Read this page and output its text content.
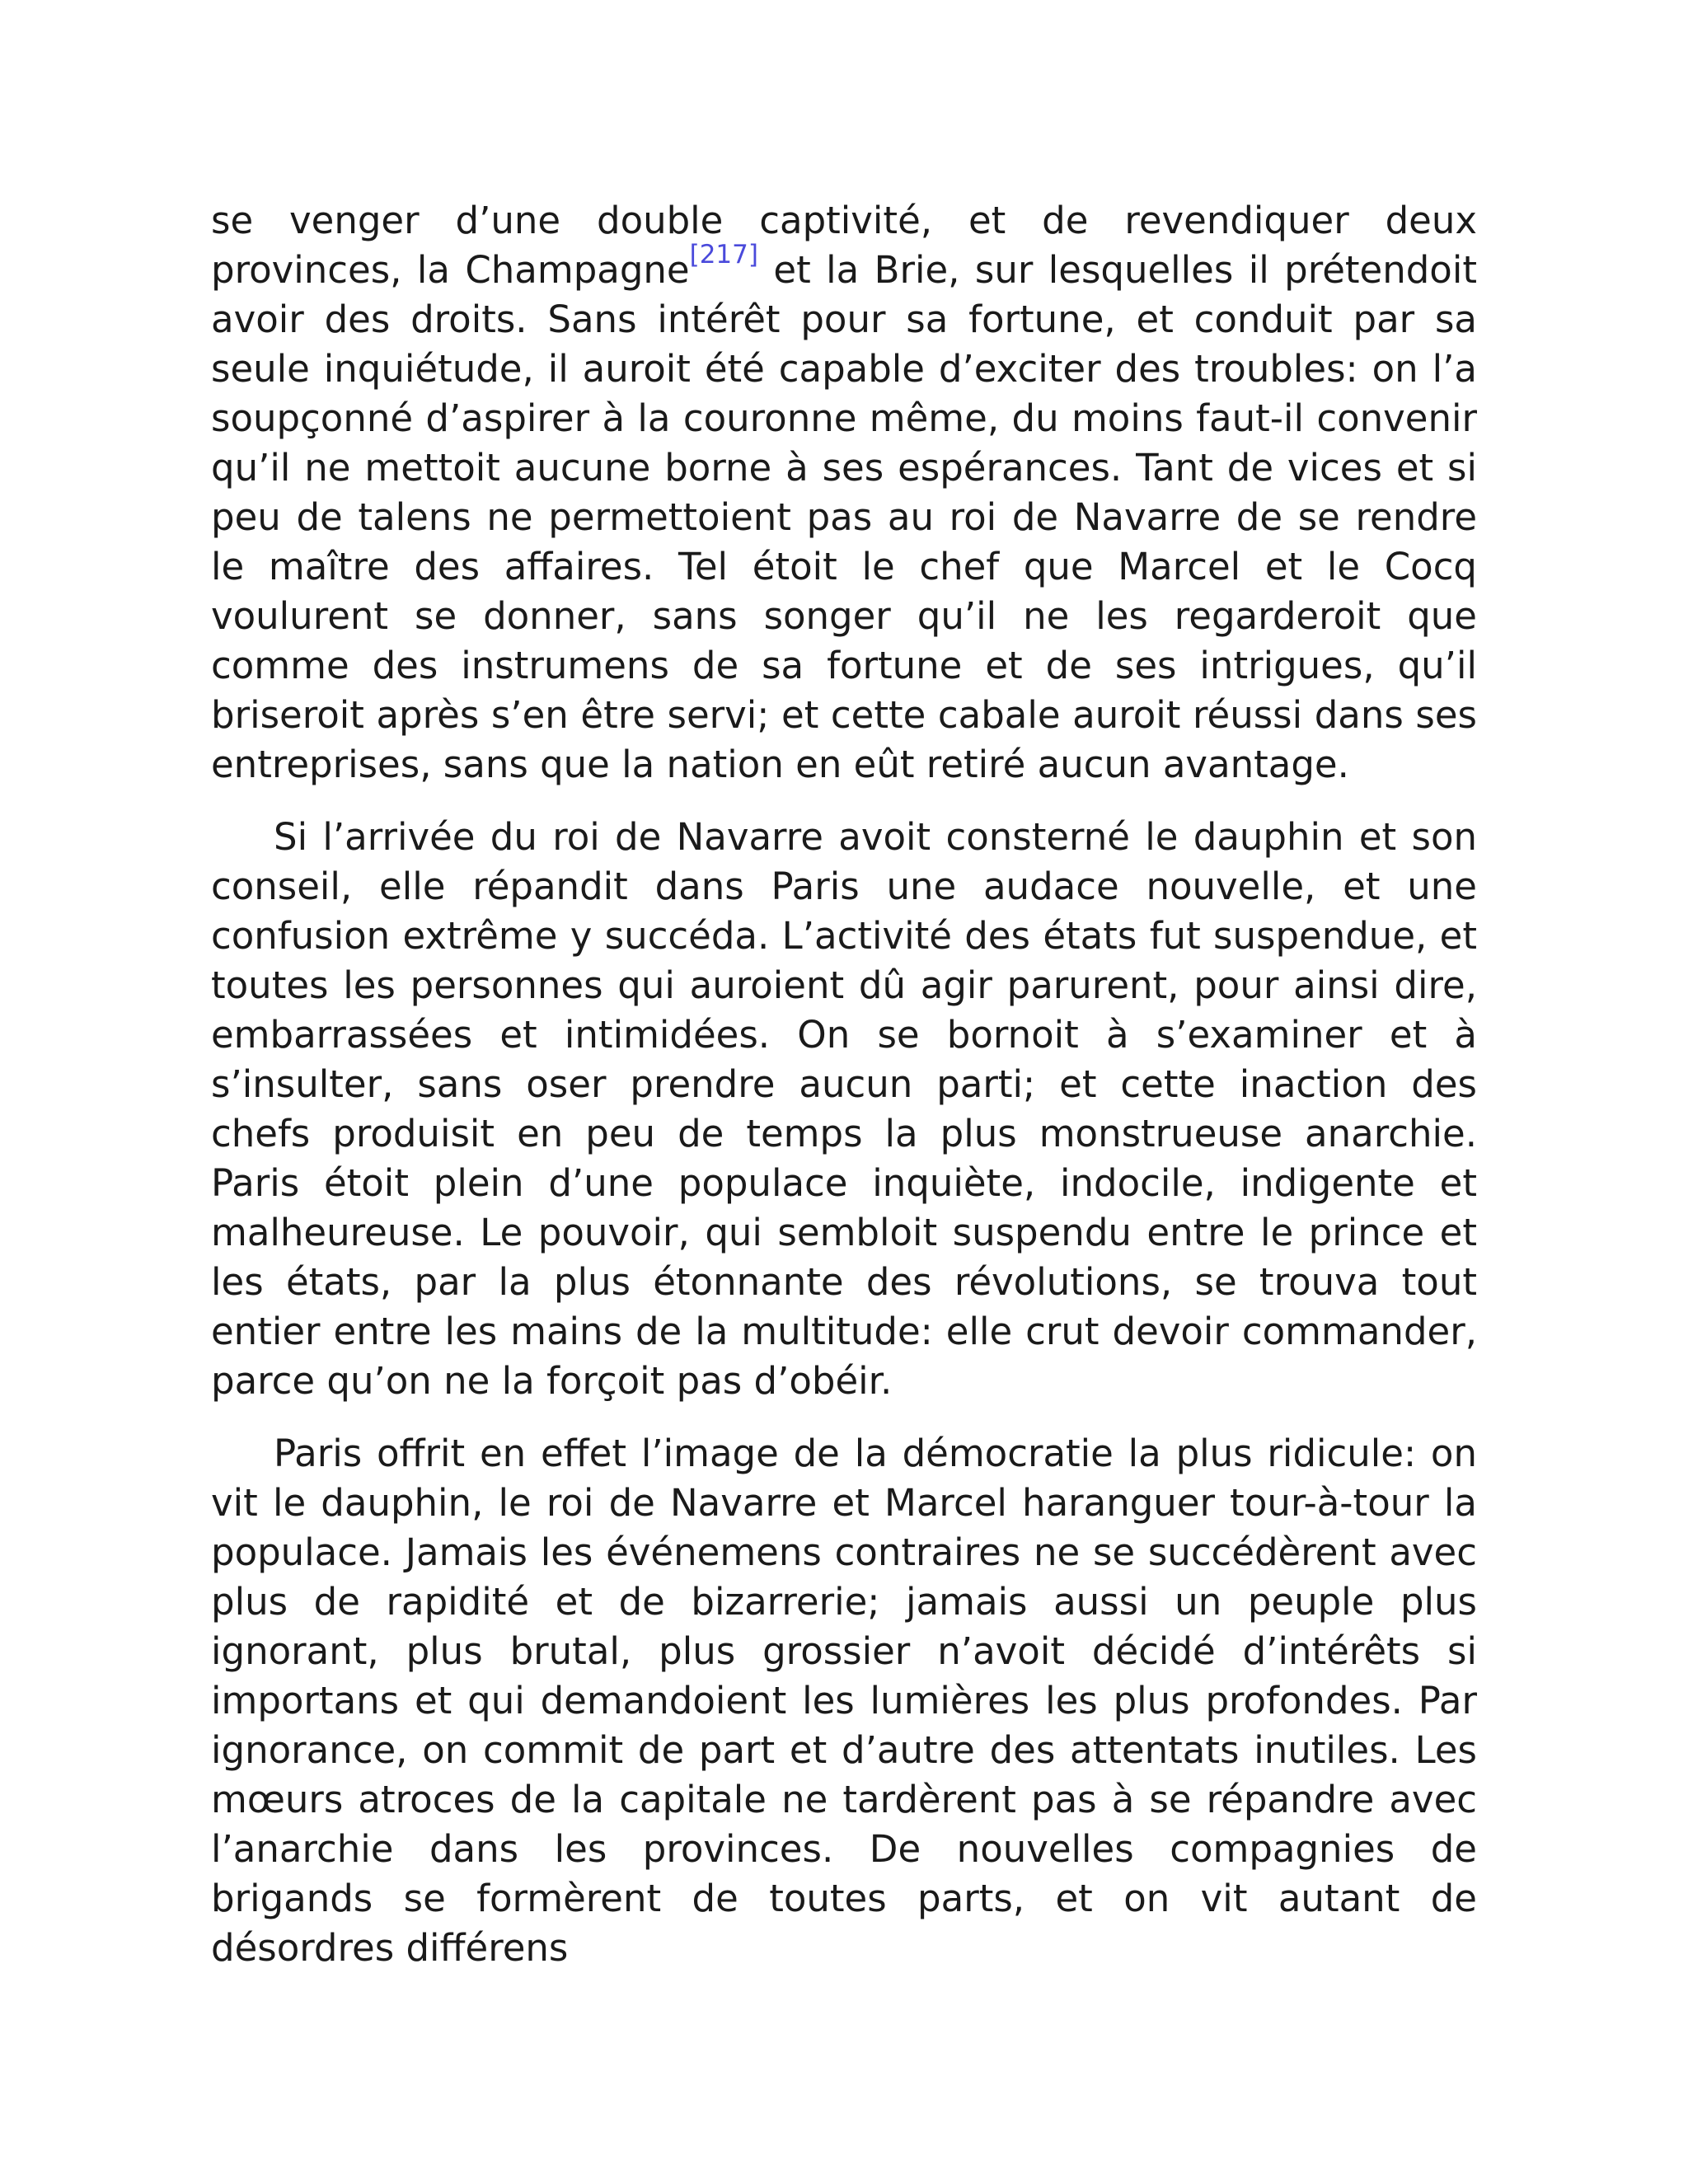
se venger d’une double captivité, et de revendiquer deux provinces, la Champagne[217] et la Brie, sur lesquelles il prétendoit avoir des droits. Sans intérêt pour sa fortune, et conduit par sa seule inquiétude, il auroit été capable d’exciter des troubles: on l’a soupçonné d’aspirer à la couronne même, du moins faut-il convenir qu’il ne mettoit aucune borne à ses espérances. Tant de vices et si peu de talens ne permettoient pas au roi de Navarre de se rendre le maître des affaires. Tel étoit le chef que Marcel et le Cocq voulurent se donner, sans songer qu’il ne les regarderoit que comme des instrumens de sa fortune et de ses intrigues, qu’il briseroit après s’en être servi; et cette cabale auroit réussi dans ses entreprises, sans que la nation en eût retiré aucun avantage.

Si l’arrivée du roi de Navarre avoit consterné le dauphin et son conseil, elle répandit dans Paris une audace nouvelle, et une confusion extrême y succéda. L’activité des états fut suspendue, et toutes les personnes qui auroient dû agir parurent, pour ainsi dire, embarrassées et intimidées. On se bornoit à s’examiner et à s’insulter, sans oser prendre aucun parti; et cette inaction des chefs produisit en peu de temps la plus monstrueuse anarchie. Paris étoit plein d’une populace inquiète, indocile, indigente et malheureuse. Le pouvoir, qui sembloit suspendu entre le prince et les états, par la plus étonnante des révolutions, se trouva tout entier entre les mains de la multitude: elle crut devoir commander, parce qu’on ne la forçoit pas d’obéir.

Paris offrit en effet l’image de la démocratie la plus ridicule: on vit le dauphin, le roi de Navarre et Marcel haranguer tour-à-tour la populace. Jamais les événemens contraires ne se succédèrent avec plus de rapidité et de bizarrerie; jamais aussi un peuple plus ignorant, plus brutal, plus grossier n’avoit décidé d’intérêts si importans et qui demandoient les lumières les plus profondes. Par ignorance, on commit de part et d’autre des attentats inutiles. Les mœurs atroces de la capitale ne tardèrent pas à se répandre avec l’anarchie dans les provinces. De nouvelles compagnies de brigands se formèrent de toutes parts, et on vit autant de désordres différens
